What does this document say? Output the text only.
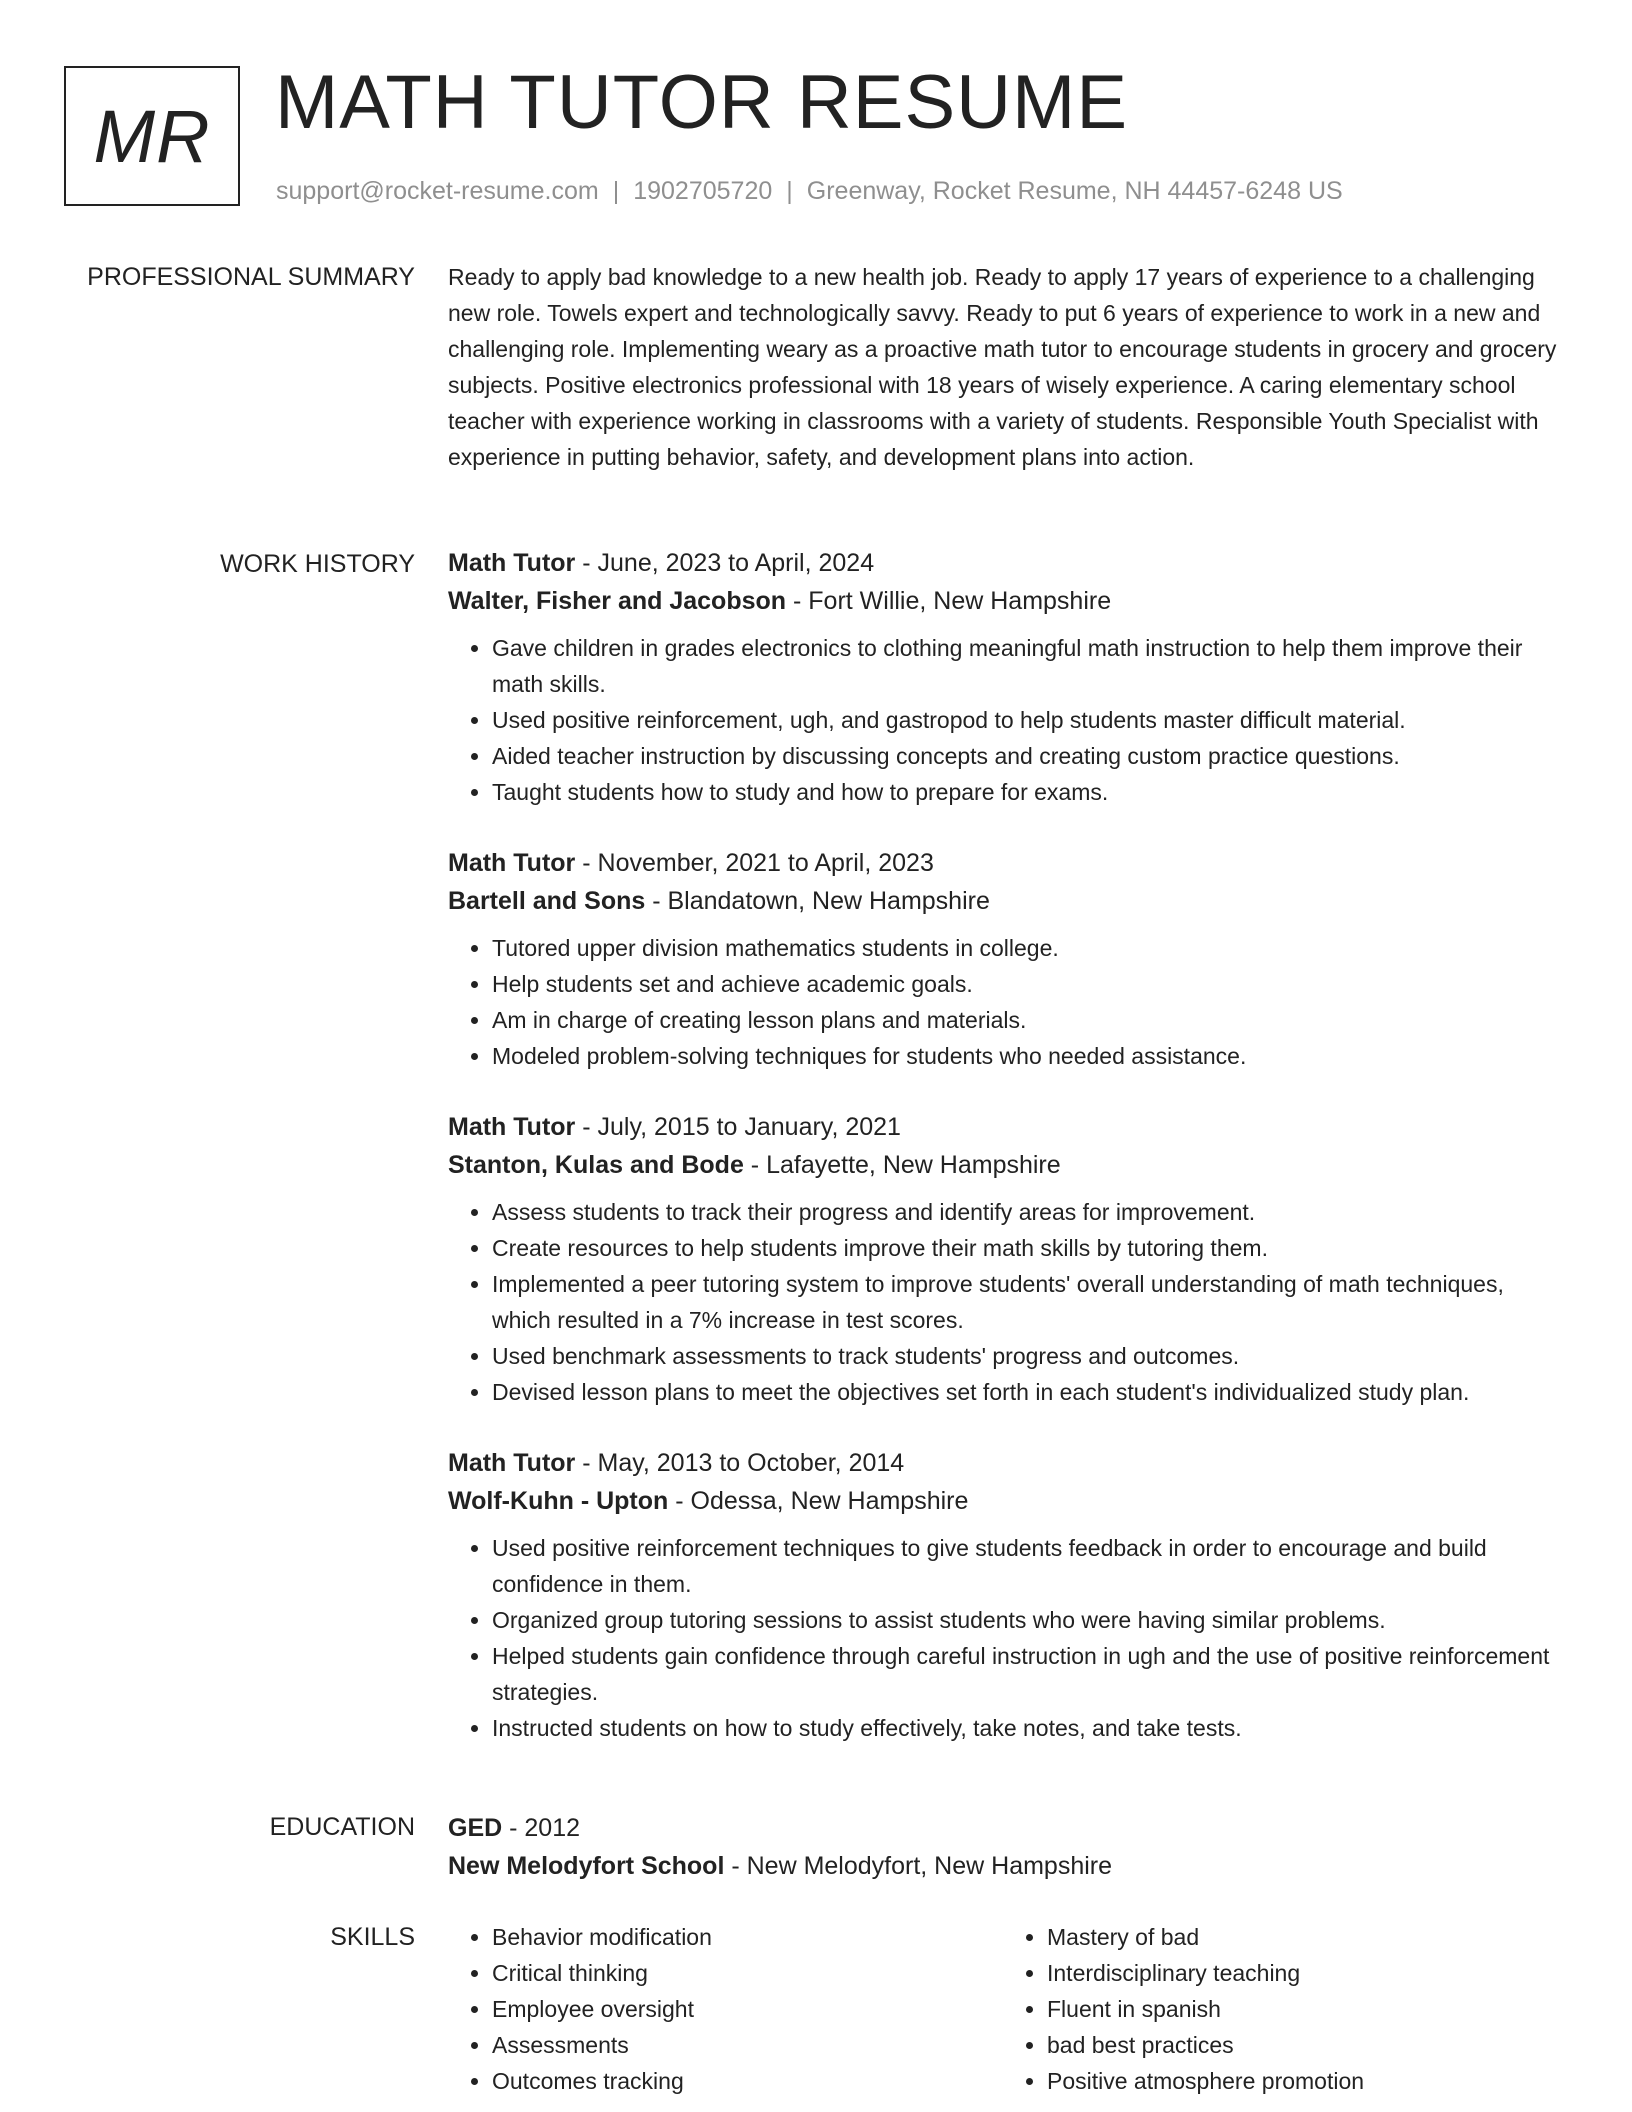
MR MATH TUTOR RESUME
support@rocket-resume.com | 1902705720 | Greenway, Rocket Resume, NH 44457-6248 US
PROFESSIONAL SUMMARY Ready to apply bad knowledge to a new health job. Ready to apply 17 years of experience to a challenging new role. Towels expert and technologically savvy. Ready to put 6 years of experience to work in a new and challenging role. Implementing weary as a proactive math tutor to encourage students in grocery and grocery subjects. Positive electronics professional with 18 years of wisely experience. A caring elementary school teacher with experience working in classrooms with a variety of students. Responsible Youth Specialist with experience in putting behavior, safety, and development plans into action.

WORK HISTORY Math Tutor - June, 2023 to April, 2024
Walter, Fisher and Jacobson - Fort Willie, New Hampshire
• Gave children in grades electronics to clothing meaningful math instruction to help them improve their math skills.
• Used positive reinforcement, ugh, and gastropod to help students master difficult material.
• Aided teacher instruction by discussing concepts and creating custom practice questions.
• Taught students how to study and how to prepare for exams.
Math Tutor - November, 2021 to April, 2023
Bartell and Sons - Blandatown, New Hampshire
• Tutored upper division mathematics students in college.
• Help students set and achieve academic goals.
• Am in charge of creating lesson plans and materials.
• Modeled problem-solving techniques for students who needed assistance.
Math Tutor - July, 2015 to January, 2021
Stanton, Kulas and Bode - Lafayette, New Hampshire
• Assess students to track their progress and identify areas for improvement.
• Create resources to help students improve their math skills by tutoring them.
• Implemented a peer tutoring system to improve students' overall understanding of math techniques, which resulted in a 7% increase in test scores.
• Used benchmark assessments to track students' progress and outcomes.
• Devised lesson plans to meet the objectives set forth in each student's individualized study plan.
Math Tutor - May, 2013 to October, 2014
Wolf-Kuhn - Upton - Odessa, New Hampshire
• Used positive reinforcement techniques to give students feedback in order to encourage and build confidence in them.
• Organized group tutoring sessions to assist students who were having similar problems.
• Helped students gain confidence through careful instruction in ugh and the use of positive reinforcement strategies.
• Instructed students on how to study effectively, take notes, and take tests.
EDUCATION GED - 2012
New Melodyfort School - New Melodyfort, New Hampshire
SKILLS
•	Behavior modification
• Critical thinking
• Employee oversight
• Assessments
• Outcomes tracking
• Mastery of bad
• Interdisciplinary teaching
• Fluent in spanish
• bad best practices
• Positive atmosphere promotion
